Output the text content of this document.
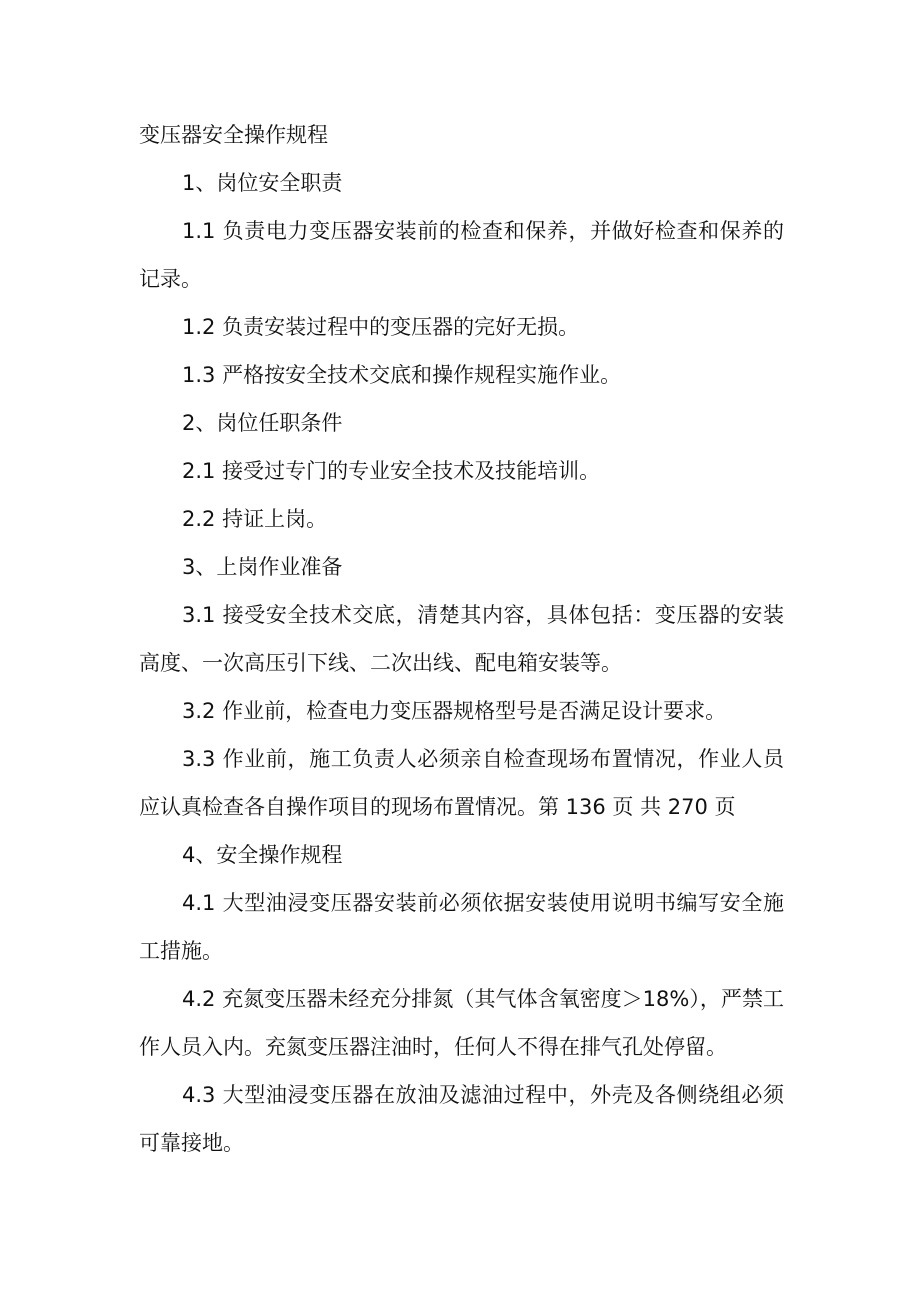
变压器安全操作规程

1、岗位安全职责

1.1 负责电力变压器安装前的检查和保养，并做好检查和保养的记录。

1.2 负责安装过程中的变压器的完好无损。

1.3 严格按安全技术交底和操作规程实施作业。

2、岗位任职条件

2.1 接受过专门的专业安全技术及技能培训。

2.2 持证上岗。

3、上岗作业准备

3.1 接受安全技术交底，清楚其内容，具体包括：变压器的安装高度、一次高压引下线、二次出线、配电箱安装等。

3.2 作业前，检查电力变压器规格型号是否满足设计要求。

3.3 作业前，施工负责人必须亲自检查现场布置情况，作业人员应认真检查各自操作项目的现场布置情况。第 136 页 共 270 页

4、安全操作规程

4.1 大型油浸变压器安装前必须依据安装使用说明书编写安全施工措施。

4.2 充氮变压器未经充分排氮（其气体含氧密度＞18%），严禁工作人员入内。充氮变压器注油时，任何人不得在排气孔处停留。

4.3 大型油浸变压器在放油及滤油过程中，外壳及各侧绕组必须可靠接地。
